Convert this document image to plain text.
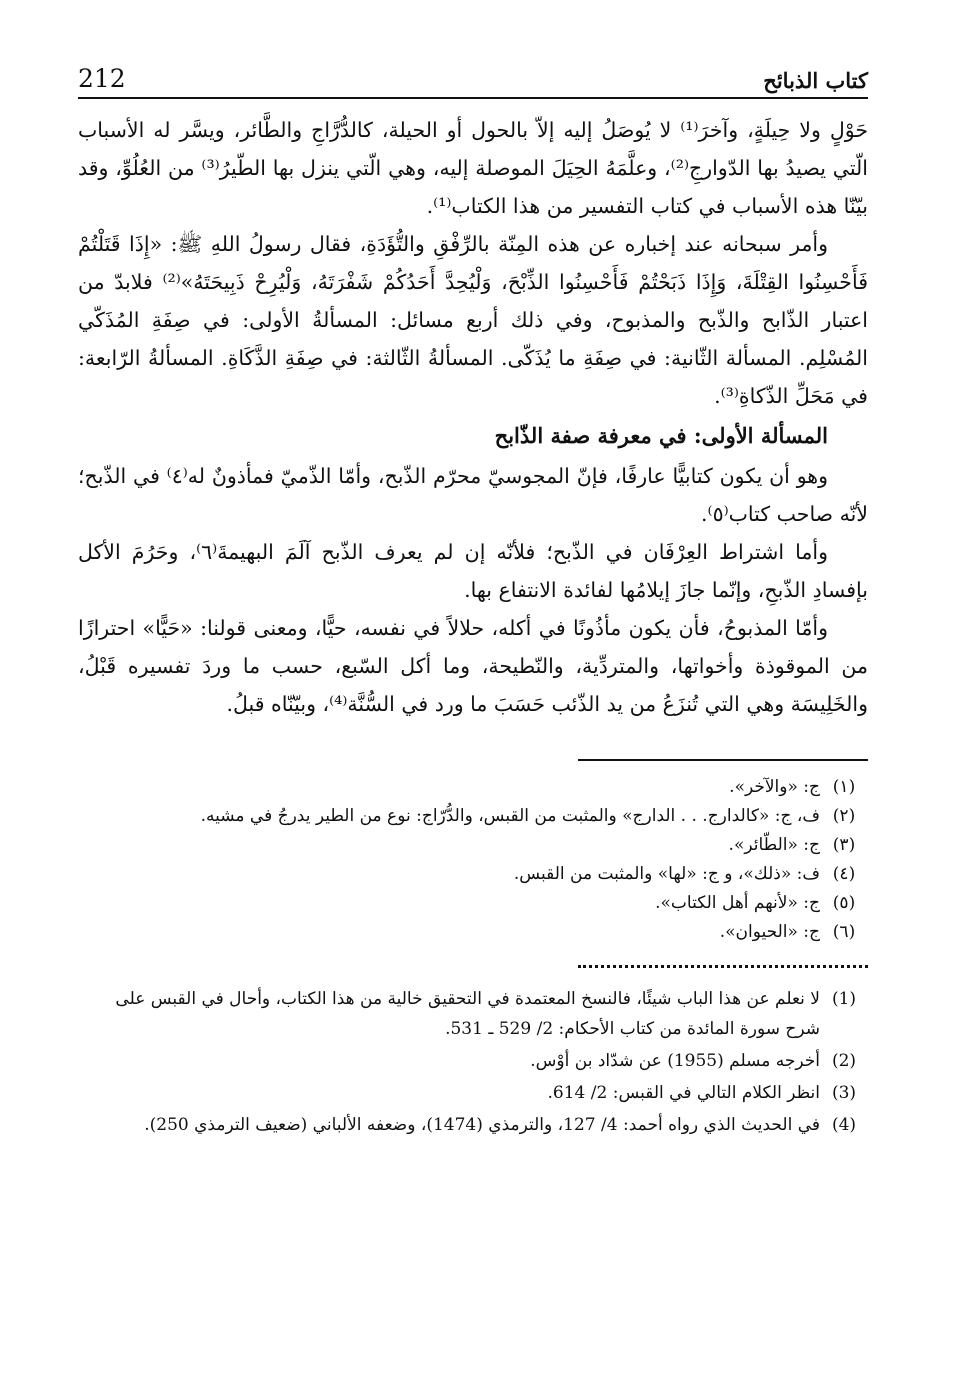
كتاب الذبائح
212

حَوْلٍ ولا حِيلَةٍ، وآخرَ⁽¹⁾ لا يُوصَلُ إليه إلاّ بالحول أو الحيلة، كالدُّرَّاجِ والطَّائر، ويسَّر له الأسباب الّتي يصيدُ بها الدّوارجِ⁽²⁾، وعلَّمَهُ الحِيَلَ الموصلة إليه، وهي الّتي ينزل بها الطّيرُ⁽³⁾ من العُلُوِّ، وقد بيّنّا هذه الأسباب في كتاب التفسير من هذا الكتاب⁽¹⁾.

وأمر سبحانه عند إخباره عن هذه المِنّة بالرِّفْقِ والتُّؤَدَةِ، فقال رسولُ اللهِ ﷺ: «إِذَا قَتَلْتُمْ فَأَحْسِنُوا القِتْلَةَ، وَإِذَا ذَبَحْتُمْ فَأَحْسِنُوا الذِّبْحَ، وَلْيُحِدَّ أَحَدُكُمْ شَفْرَتَهُ، وَلْيُرِحْ ذَبِيحَتَهُ»⁽²⁾ فلابدّ من اعتبار الذّابح والذّبح والمذبوح، وفي ذلك أربع مسائل: المسألةُ الأولى: في صِفَةِ المُذَكّي المُسْلِم. المسألة الثّانية: في صِفَةِ ما يُذَكّى. المسألةُ الثّالثة: في صِفَةِ الذَّكَاةِ. المسألةُ الرّابعة: في مَحَلِّ الذّكاةِ⁽³⁾.

المسألة الأولى: في معرفة صفة الذّابح

وهو أن يكون كتابيًّا عارفًا، فإنّ المجوسيّ محرّم الذّبح، وأمّا الذّميّ فمأذونٌ له⁽٤⁾ في الذّبح؛ لأنّه صاحب كتاب⁽٥⁾.

وأما اشتراط العِرْفَان في الذّبح؛ فلأنّه إن لم يعرف الذّبح آلَمَ البهيمةَ⁽٦⁾، وحَرُمَ الأكل بإفسادِ الذّبحِ، وإنّما جازَ إيلامُها لفائدة الانتفاع بها.

وأمّا المذبوحُ، فأن يكون مأذُونًا في أكله، حلالاً في نفسه، حيًّا، ومعنى قولنا: «حَيًّا» احترازًا من الموقوذة وأخواتها، والمتردِّية، والنّطيحة، وما أكل السّبع، حسب ما وردَ تفسيره قَبْلُ، والخَلِيسَة وهي التي تُنزَعُ من يد الذّئب حَسَبَ ما ورد في السُّنَّة⁽⁴⁾، وبيّنّاه قبلُ.

(١)
ج: «والآخر».
(٢)
ف، ج: «كالدارج. . . الدارج» والمثبت من القبس، والدُّرّاج: نوع من الطير يدرجُ في مشيه.
(٣)
ج: «الطّائر».
(٤)
ف: «ذلك»، و ج: «لها» والمثبت من القبس.
(٥)
ج: «لأنهم أهل الكتاب».
(٦)
ج: «الحيوان».
(1)
لا نعلم عن هذا الباب شيئًا، فالنسخ المعتمدة في التحقيق خالية من هذا الكتاب، وأحال في القبس على شرح سورة المائدة من كتاب الأحكام: 2/ 529 ـ 531.
(2)
أخرجه مسلم (1955) عن شدّاد بن أوْس.
(3)
انظر الكلام التالي في القبس: 2/ 614.
(4)
في الحديث الذي رواه أحمد: 4/ 127، والترمذي (1474)، وضعفه الألباني (ضعيف الترمذي 250).
